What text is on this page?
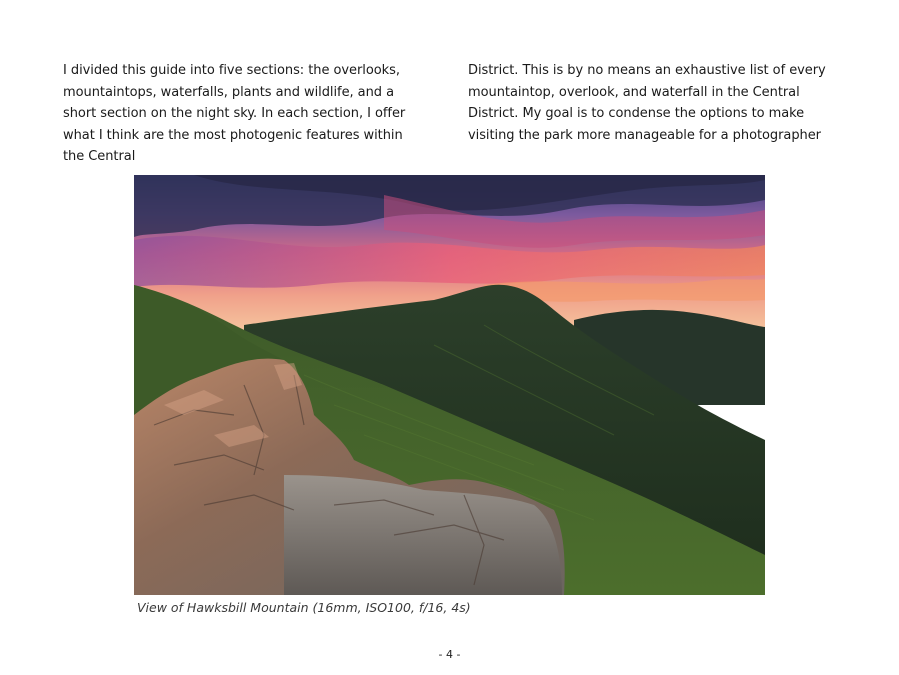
I divided this guide into five sections: the overlooks, mountaintops, waterfalls, plants and wildlife, and a short section on the night sky. In each section, I offer what I think are the most photogenic features within the Central

District. This is by no means an exhaustive list of every mountaintop, overlook, and waterfall in the Central District. My goal is to condense the options to make visiting the park more manageable for a photographer

View of Hawksbill Mountain (16mm, ISO100, f/16, 4s)
- 4 -
